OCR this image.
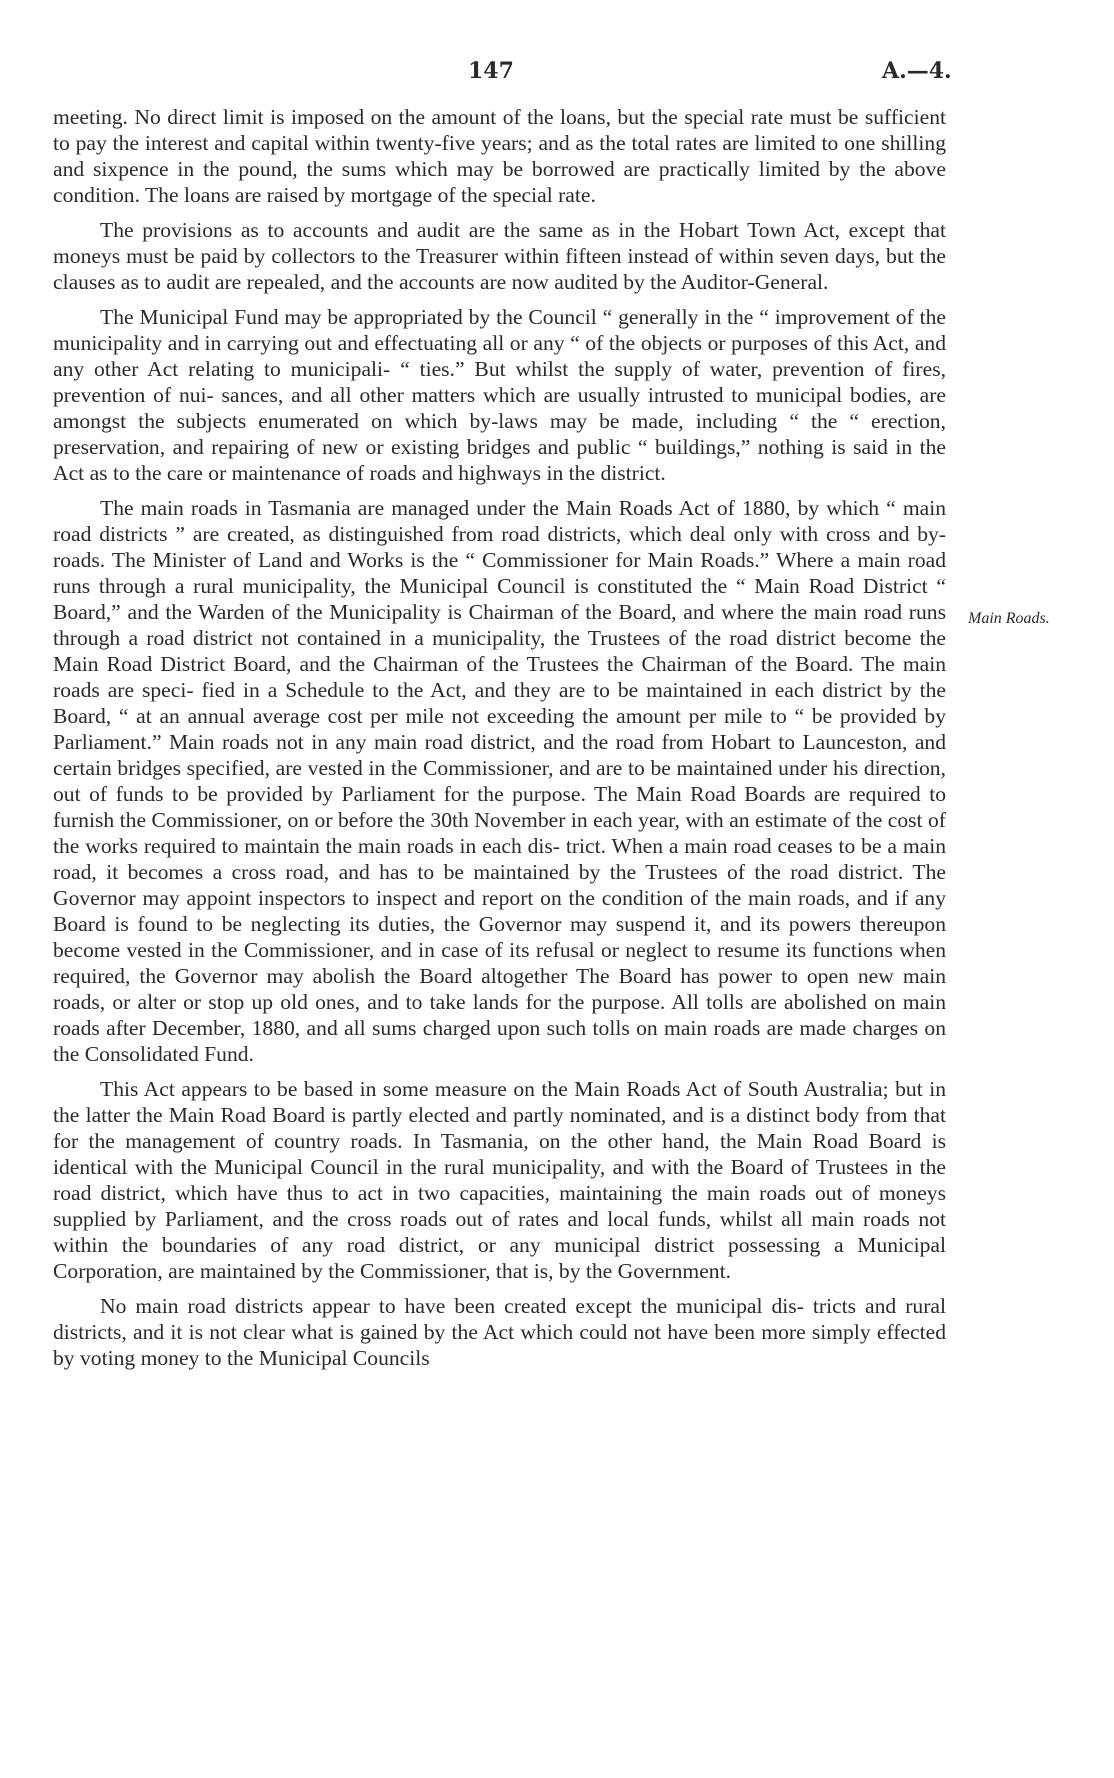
147	A.—4.

meeting. No direct limit is imposed on the amount of the loans, but the special rate must be sufficient to pay the interest and capital within twenty-five years; and as the total rates are limited to one shilling and sixpence in the pound, the sums which may be borrowed are practically limited by the above condition. The loans are raised by mortgage of the special rate.

The provisions as to accounts and audit are the same as in the Hobart Town Act, except that moneys must be paid by collectors to the Treasurer within fifteen instead of within seven days, but the clauses as to audit are repealed, and the accounts are now audited by the Auditor-General.

The Municipal Fund may be appropriated by the Council “ generally in the “ improvement of the municipality and in carrying out and effectuating all or any “ of the objects or purposes of this Act, and any other Act relating to municipali- “ ties.” But whilst the supply of water, prevention of fires, prevention of nui- sances, and all other matters which are usually intrusted to municipal bodies, are amongst the subjects enumerated on which by-laws may be made, including “ the “ erection, preservation, and repairing of new or existing bridges and public “ buildings,” nothing is said in the Act as to the care or maintenance of roads and highways in the district.

The main roads in Tasmania are managed under the Main Roads Act of 1880, by which “ main road districts ” are created, as distinguished from road districts, which deal only with cross and by-roads. The Minister of Land and Works is the “ Commissioner for Main Roads.” Where a main road runs through a rural municipality, the Municipal Council is constituted the “ Main Road District “ Board,” and the Warden of the Municipality is Chairman of the Board, and where the main road runs through a road district not contained in a municipality, the Trustees of the road district become the Main Road District Board, and the Chairman of the Trustees the Chairman of the Board. The main roads are speci- fied in a Schedule to the Act, and they are to be maintained in each district by the Board, “ at an annual average cost per mile not exceeding the amount per mile to “ be provided by Parliament.” Main roads not in any main road district, and the road from Hobart to Launceston, and certain bridges specified, are vested in the Commissioner, and are to be maintained under his direction, out of funds to be provided by Parliament for the purpose. The Main Road Boards are required to furnish the Commissioner, on or before the 30th November in each year, with an estimate of the cost of the works required to maintain the main roads in each dis- trict. When a main road ceases to be a main road, it becomes a cross road, and has to be maintained by the Trustees of the road district. The Governor may appoint inspectors to inspect and report on the condition of the main roads, and if any Board is found to be neglecting its duties, the Governor may suspend it, and its powers thereupon become vested in the Commissioner, and in case of its refusal or neglect to resume its functions when required, the Governor may abolish the Board altogether The Board has power to open new main roads, or alter or stop up old ones, and to take lands for the purpose. All tolls are abolished on main roads after December, 1880, and all sums charged upon such tolls on main roads are made charges on the Consolidated Fund.

This Act appears to be based in some measure on the Main Roads Act of South Australia; but in the latter the Main Road Board is partly elected and partly nominated, and is a distinct body from that for the management of country roads. In Tasmania, on the other hand, the Main Road Board is identical with the Municipal Council in the rural municipality, and with the Board of Trustees in the road district, which have thus to act in two capacities, maintaining the main roads out of moneys supplied by Parliament, and the cross roads out of rates and local funds, whilst all main roads not within the boundaries of any road district, or any municipal district possessing a Municipal Corporation, are maintained by the Commissioner, that is, by the Government.

No main road districts appear to have been created except the municipal dis- tricts and rural districts, and it is not clear what is gained by the Act which could not have been more simply effected by voting money to the Municipal Councils

Main Roads.
